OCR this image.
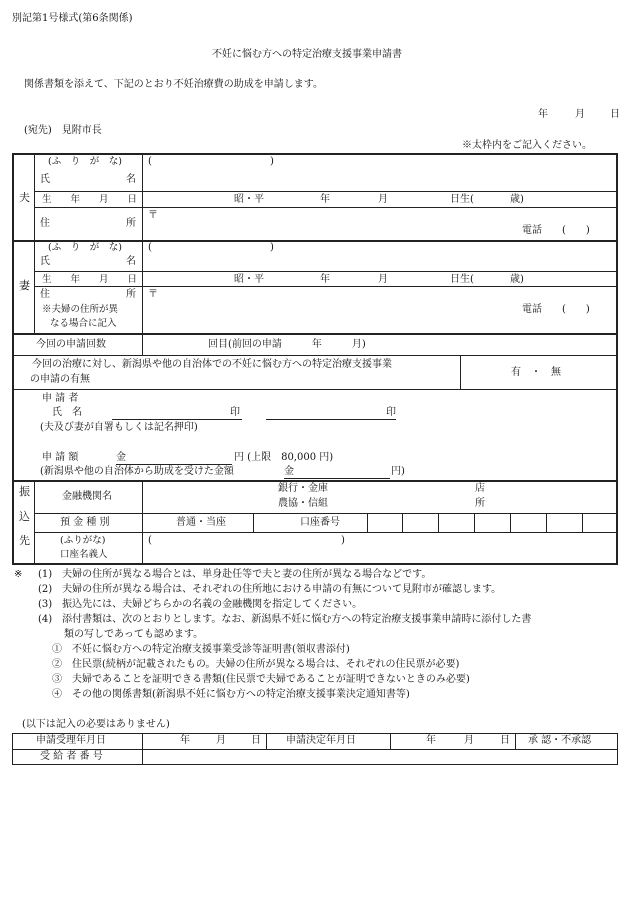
別記第1号様式(第6条関係)
不妊に悩む方への特定治療支援事業申請書
関係書類を添えて、下記のとおり不妊治療費の助成を申請します。
年	月	日
(宛先)　見附市長
※太枠内をご記入ください。
夫
(ふ　り　が　な)
氏	名
(	)
生　　年　　月　　日	昭・平	年	月	日生(	歳)
住	所
〒
電話　　(　　)
妻
(ふ　り　が　な)
氏	名
(	)
生　　年　　月　　日	昭・平	年	月	日生(	歳)
住	所
※夫婦の住所が異
なる場合に記入
〒
電話　　(　　)
今回の申請回数	回目(前回の申請　　　年　　　月)
今回の治療に対し、新潟県や他の自治体での不妊に悩む方への特定治療支援事業
の申請の有無
有　・　無
申 請 者
氏　名	印	印
(夫及び妻が自署もしくは記名押印)
申 請 額	金	円 (上限　80,000 円)
(新潟県や他の自治体から助成を受けた金額	金	円)
振
込
先
金融機関名
銀行・金庫
農協・信組
店
所
預 金 種 別	普通・当座	口座番号
(ふりがな)
口座名義人
(	)
※ (1)　夫婦の住所が異なる場合とは、単身赴任等で夫と妻の住所が異なる場合などです。
(2)　夫婦の住所が異なる場合は、それぞれの住所地における申請の有無について見附市が確認します。
(3)　振込先には、夫婦どちらかの名義の金融機関を指定してください。
(4)　添付書類は、次のとおりとします。なお、新潟県不妊に悩む方への特定治療支援事業申請時に添付した書
類の写しであっても認めます。
①　不妊に悩む方への特定治療支援事業受診等証明書(領収書添付)
②　住民票(続柄が記載されたもの。夫婦の住所が異なる場合は、それぞれの住民票が必要)
③　夫婦であることを証明できる書類(住民票で夫婦であることが証明できないときのみ必要)
④　その他の関係書類(新潟県不妊に悩む方への特定治療支援事業決定通知書等)
(以下は記入の必要はありません)
申請受理年月日	年	月	日	申請決定年月日	年	月	日 承 認・不承認
受 給 者 番 号
